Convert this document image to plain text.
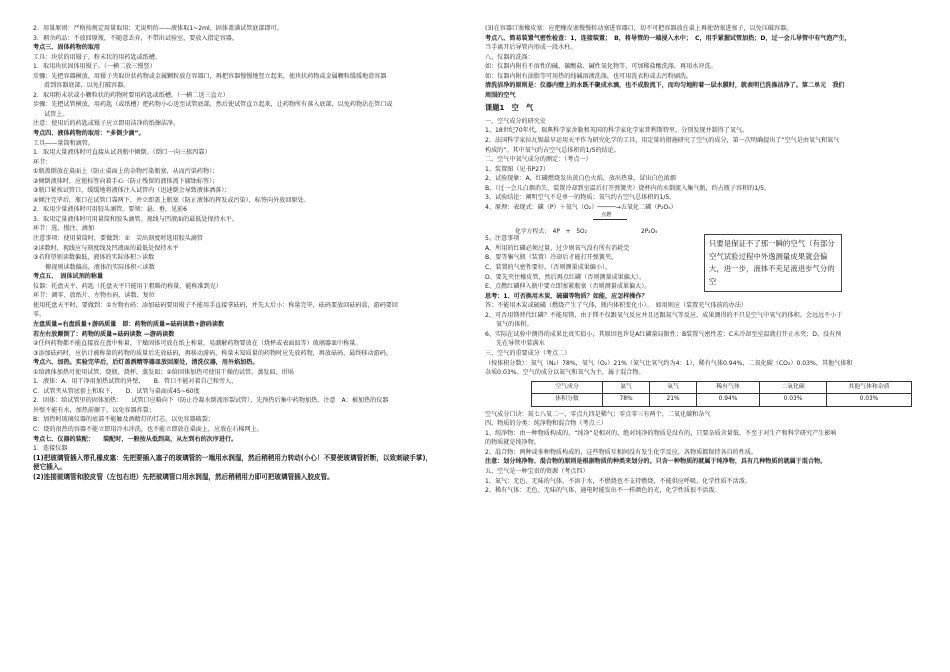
2．用量原则：严格按规定用量取用；无说明的——液体取1~2ml，固体盖满试管底部即可。
3．剩余药品：不放回原瓶，不随意丢弃，不带出试验室，要放入指定容器。
考点三、固体药物的取用
工具：块状的用镊子，粉末状的用药匙或纸槽。
1．取用块状固体用镊子。（一横二放三慢竖）
步骤：先把容器横放，用镊子夹取块状药物或金属颗粒放在容器口，再把容器慢慢地竖立起来，使块状药物或金属颗粒缓缓地滑容器
滑到容器底部，以免打破容器。
2．取用粉末状或小颗粒状的药物时要用药匙或纸槽。（一横二送三直立）
步骤：先把试管横放，用药匙（或纸槽）把药物小心送至试管底部，然后使试管直立起来，让药物所有落入底部，以免药物沾在管口或
试管上。
注意：使用后的药匙或镊子应立即用洁净的纸擦洁净。
考点四、液体药物的取用：“多倒少滴”。
工具——量筒和滴管。
1．取用大量液体时可直接从试剂瓶中倾倒。（倒口一向三挨四靠）
环节：
①瓶盖倒放在桌面上（防止桌面上的杂物污染瓶塞，从而污染药物）；
②倾倒液体时，应使标签向着手心（防止残留的液体流下腐蚀标签）；
③瓶口紧挨试管口，缓缓地将液体注入试管内（迅速倒会导致液体洒落）；
④倾注完毕后，瓶口在试管口靠两下，并立即盖上瓶塞（防止液体的挥发或污染），标签向外放回原处。
2．取用少量液体时可用胶头滴管。要领：悬、垂，见前6
3．取用定量液体时可用量筒和胶头滴管。视线与凹液面的最低处保持水平。
环节：选、慢注、滴加
注意事项：使用量筒时，要做到：①　尖出刻度时选用胶头滴管
②读数时，视线应与刻度线及凹液面的最低处保持水平
③若仰望则读数偏低，液体的实际体积＞读数
　　俯视则读数偏高，液体的实际体积＜读数
考点五、　固体试剂的称量
仪器：托盘天平、药匙（托盘天平只能用于粗略的称量，能称准到克）
环节：调零、放纸片、左物右码、读数、复位
使用托盘天平时，要做到：①左物右码：添加砝码要用镊子不能用手直接拿砝码，并先大后小：称量完毕，砝码要放回砝码盒，游码要回
零。
左盘质量=右盘质量+游码质量　即：药物的质量=砝码读数+游码读数
若左右放颠倒了：药物的质量=砝码读数 —游码读数
②任何药物都不能直接放在盘中称量，干燥固体可放在纸上称量，易潮解药物要放在（烧杯或表面皿等）玻璃器皿中称量。
③添加砝码时，应估计被称量的药物的质量后先放砝码，再移动游码，称量未知质量的药物时应先放药物，再放砝码，最终移动游码。
考点六、加热。实验完毕后，后灯盖酒精等器皿放回原处，清洗仪器，用外焰加热。
①给液体加热可使用试管、烧瓶、烧杯、蒸发皿；②给固体加热可使用干燥的试管、蒸发皿、坩埚
1．液体：A．用干净用加热试管的外壁，　　B．管口不能对着自己和旁人，
C．试管夹从管底套上和取下，　　D．试管与桌面成45~60度
2．固体：给试管里的固体加热：　　试管口应略向下（防止冷凝水倒流形裂试管），先预热后集中药物加热，注意　A：被加热的仪器
外壁不能有水，加热前擦干，以免容器炸裂；
B：加热时玻璃仪器的底部不能触及酒精灯的灯芯，以免容器破裂；
C：烧的很热的容器不能立即用冷水冲洗，也不能立即放在桌面上，应放在石棉网上。
考点七、仪器的装配：　　装配时，一般按从低到高，从左到右的次序进行。
1．连接仪器
(1)把玻璃管插入带孔橡皮塞：先把要插入塞子的玻璃管的一端用水润湿，然后稍稍用力转动(小心！不要使玻璃管折断，以致刺破手掌)，
使它插入。
(2)连接玻璃管和胶皮管（左包右进）先把玻璃管口用水润湿，然后稍稍用力即可把玻璃管插入胶皮管。
(3)在容器口塞橡皮塞：应把橡皮塞慢慢转动塞进容器口，切不可把容器放在桌上再使劲塞进塞子，以免压破容器。
考点八、简易装置气密性检查：1，连接装置；　B，将导管的一端浸入水中；　C，用手紧握试管加热；D，过一会儿导管中有气泡产生，
当手离开后导管内形成一段水柱。
八、仪器的洗涤：
如：仪器内附有不溶性的碱、碳酸盐、碱性氧化物等，可加稀盐酸洗涤，再用水冲洗。
如：仪器内附有油脂等可用热的纯碱溶液洗涤，也可用洗衣粉或去污粉刷洗。
清洗洁净的原则是：仪器内壁上的水既不聚成水滴，也不成股流下，而均匀地附着一层水膜时，就表明已洗涤洁净了。第二单元　我们
周围的空气
课题1　空　气
一、空气成分的研究史
1、18世纪70年代，瑞典科学家舍勒和英国的科学家化学家普利斯特里，分别发现并制得了氧气。
2、法国科学家拉瓦锡最早运用天平作为研究化学的工具，用定量的措施研究了空气的成分，第一次明确提出了“空气是由氧气和氮气
构成的”。其中氧气约占空气总体积的1/5的结论。
二、空气中氧气成分的测定：（考点一）
1、装置图（见书P27）
2、试验现象：A、红磷燃烧发出黄白色火焰，放出热量，冒出白色浓烟
B、（过一会儿白烟消失，装置冷却到室温后打开弹簧夹）烧杯内的水倒流入集气瓶，约占瓶子容积的1/5。
3、试验结论：阐明空气不是单一的物质；氧气约占空气总体积的1/5。
4、原理：表现式：磷（P）＋氧气（O₂）─────→五氧化二磷（P₂O₅）
点燃
化学方程式：　4P　+　5O₂	2P₂O₅
只要是保证不了那一瞬的空气（有部分空气试验过程中外逸测量成果就会偏大，进一步，液体不充足液进步气分的空
5、注意事项
A、所用的红磷必须过量，过少则氧气没有所有消耗完
B、要等集气瓶（装置）冷却后才能打开弹簧夹，
C、装置的气密性要好，（否则测量成果偏小），
D、要先夹住橡皮管，然后再点红磷（否则测量成果偏大）。
E、点燃红磷伸入瓶中要立即塞紧瓶塞（否则测量成果偏大）。
思考：1、可否换用木炭、硫磺等物质？如能，应怎样操作？
答：不能用木炭或硫磺（燃烧产生了气体，瓶内体积变化小）。　如用则应（装置充气体前的办法）
2、可否用镁替代红磷？不能用镁，由于镁不仅跟氧气反应并且还跟氮气等反应，成果测得的不只是空气中氧气的体积。会远远不小于
氧气的体积。
6、实际在试验中测得的成果比真实值小，其原因也许是A红磷量局限性；B装置气密性差；C未冷却至室温就打开止水夹；D、没有预
先在导管中装满水
三、空气的重要成分（考点二）
（按体积分数）：氮气（N₂）78%，氧气（O₂）21%（氮气比氧气约为4：1），稀有气体0.94%，二氧化碳（CO₂）0.03%，其他气体和
杂质0.03%。空气的成分以氮气和氧气为主，属于混合物。
空气成分	氮气	氧气	稀有气体	二氧化碳	其他气体和杂质
体积分数	78%	21%	0.94%	0.03%	0.03%
空气成分口诀：氮七八氧二一，零点九四是稀气；零点零三有两个，二氧化碳和杂气
四、物质的分类：纯净物和混合物（考点三）
1、纯净物：由一种物质构成的，“纯净”是相对的，绝对纯净的物质是没有的，只要杂质含量低，不至于对生产和科学研究产生影响
的物质就是纯净物。
2、混合物：两种或多种物质构成的，这些物质互相间没有发生化学反应，各物质都保持各自的性质。
注意：划分纯净物、混合物的原则是根据物质的种类来划分的。只含一种物质的就属于纯净物，具有几种物质的就属于混合物。
五、空气是一种宝贵的资源（考点四）
1、氮气：无色、无味的气体，不溶于水，不燃烧也不支持燃烧，不能供应呼吸，化学性质不活泼。
2、稀有气体：无色、无味的气体，通电时能发出不一样颜色的光，化学性质很不活泼。
